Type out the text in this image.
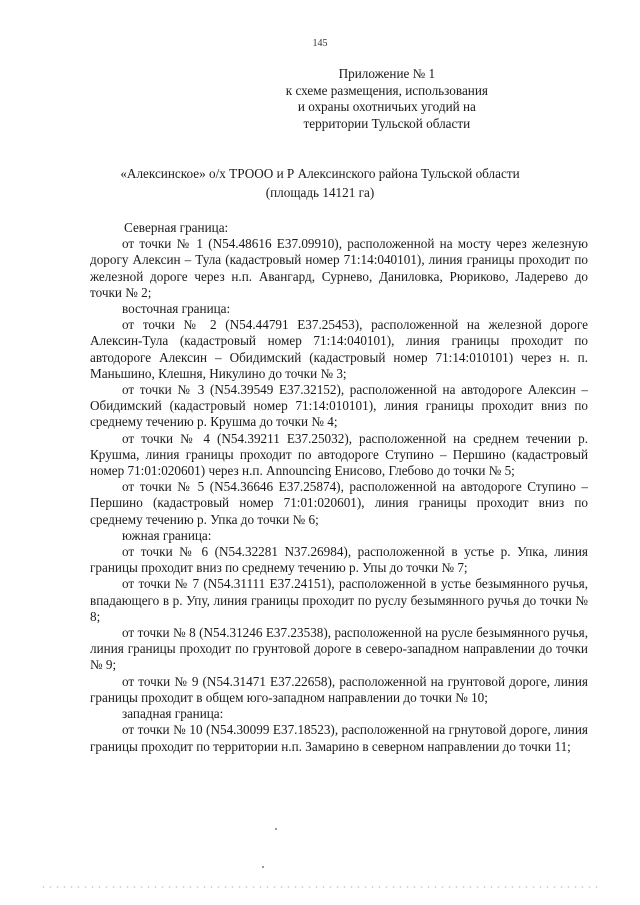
145
Приложение № 1
к схеме размещения, использования
и охраны охотничьих угодий на
территории Тульской области
«Алексинское» о/х ТРООО и Р Алексинского района Тульской области
(площадь 14121 га)

Северная граница:

от точки № 1 (N54.48616 E37.09910), расположенной на мосту через железную дорогу Алексин – Тула (кадастровый номер 71:14:040101), линия границы проходит по железной дороге через н.п. Авангард, Сурнево, Даниловка, Рюриково, Ладерево до точки № 2;

восточная граница:

от точки № 2 (N54.44791 E37.25453), расположенной на железной дороге Алексин-Тула (кадастровый номер 71:14:040101), линия границы проходит по автодороге Алексин – Обидимский (кадастровый номер 71:14:010101) через н. п. Маньшино, Клешня, Никулино до точки № 3;

от точки № 3 (N54.39549 E37.32152), расположенной на автодороге Алексин – Обидимский (кадастровый номер 71:14:010101), линия границы проходит вниз по среднему течению р. Крушма до точки № 4;

от точки № 4 (N54.39211 E37.25032), расположенной на среднем течении р. Крушма, линия границы проходит по автодороге Ступино – Першино (кадастровый номер 71:01:020601) через н.п. Announcing Енисово, Глебово до точки № 5;

от точки № 5 (N54.36646 E37.25874), расположенной на автодороге Ступино – Першино (кадастровый номер 71:01:020601), линия границы проходит вниз по среднему течению р. Упка до точки № 6;

южная граница:

от точки № 6 (N54.32281 N37.26984), расположенной в устье р. Упка, линия границы проходит вниз по среднему течению р. Упы до точки № 7;

от точки № 7 (N54.31111 E37.24151), расположенной в устье безымянного ручья, впадающего в р. Упу, линия границы проходит по руслу безымянного ручья до точки № 8;

от точки № 8 (N54.31246 E37.23538), расположенной на русле безымянного ручья, линия границы проходит по грунтовой дороге в северо-западном направлении до точки № 9;

от точки № 9 (N54.31471 E37.22658), расположенной на грунтовой дороге, линия границы проходит в общем юго-западном направлении до точки № 10;

западная граница:

от точки № 10 (N54.30099 E37.18523), расположенной на грнутовой дороге, линия границы проходит по территории н.п. Замарино в северном направлении до точки 11;
